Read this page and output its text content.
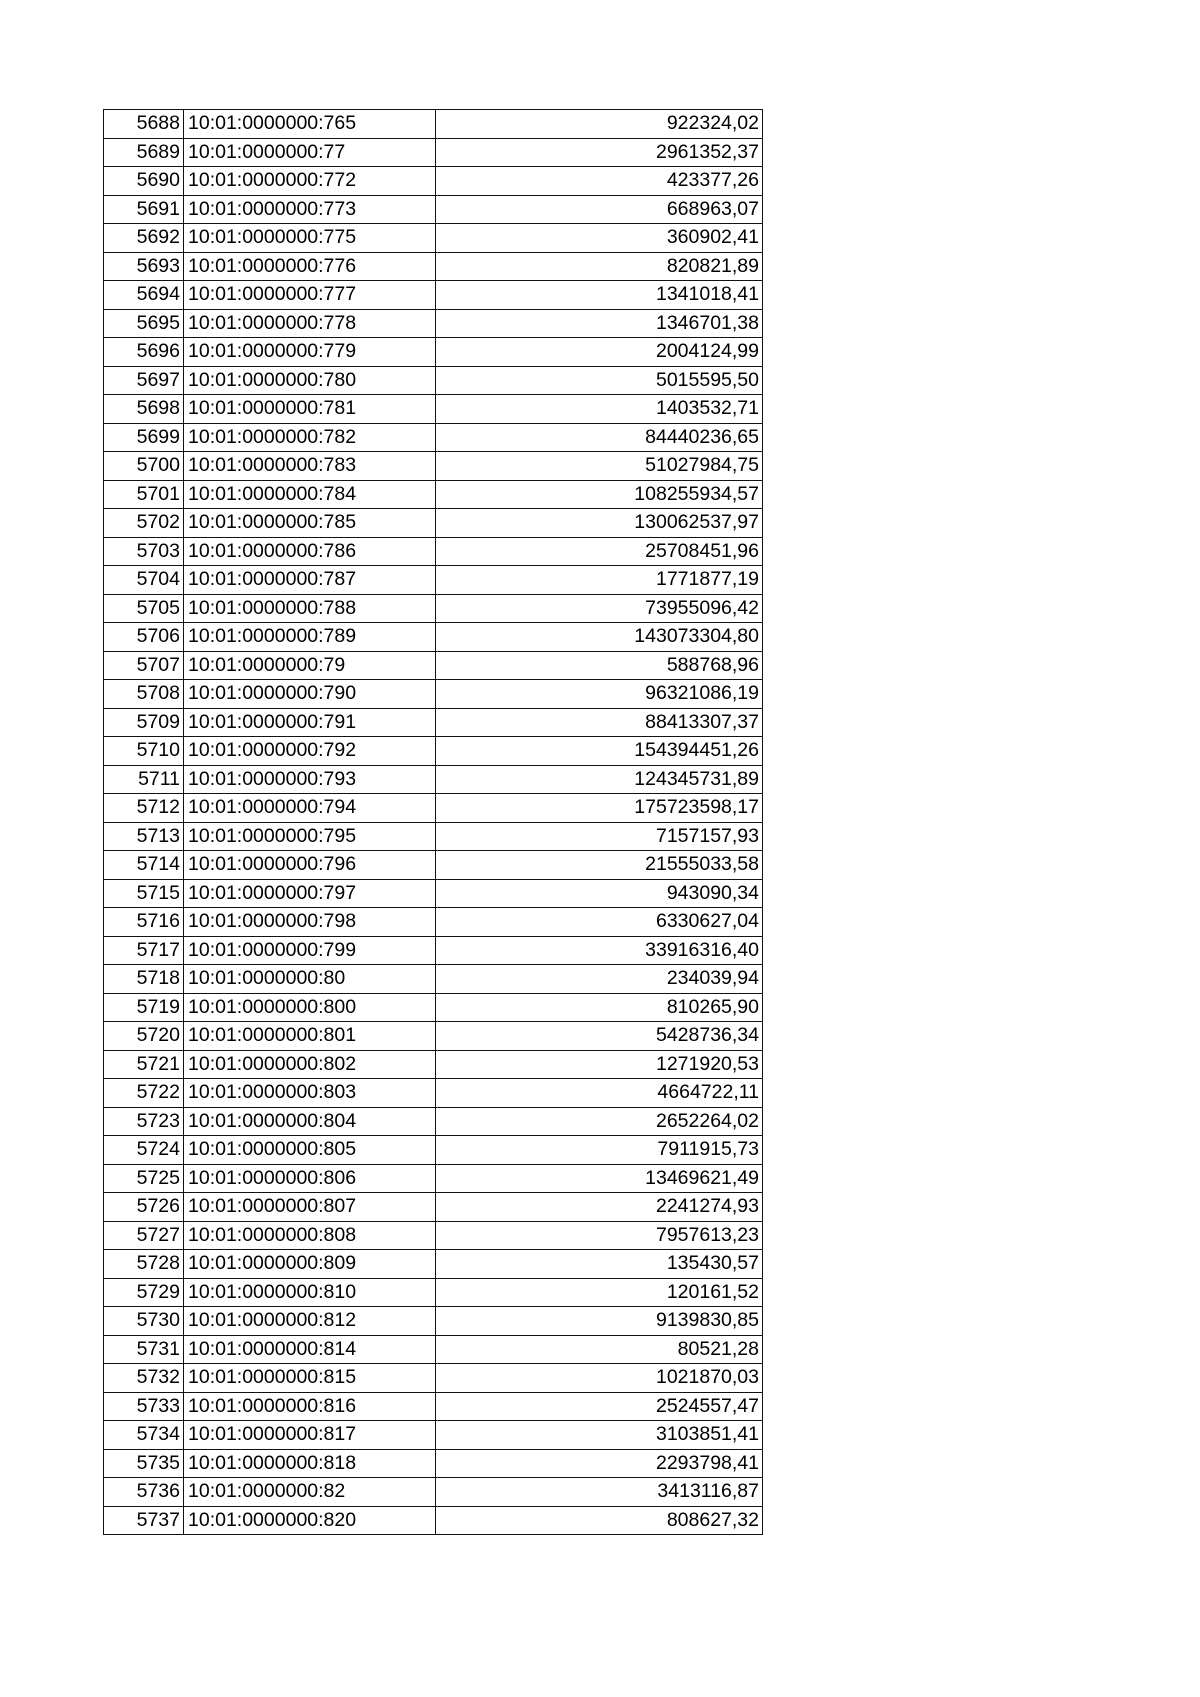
5688	10:01:0000000:765	922324,02
5689	10:01:0000000:77	2961352,37
5690	10:01:0000000:772	423377,26
5691	10:01:0000000:773	668963,07
5692	10:01:0000000:775	360902,41
5693	10:01:0000000:776	820821,89
5694	10:01:0000000:777	1341018,41
5695	10:01:0000000:778	1346701,38
5696	10:01:0000000:779	2004124,99
5697	10:01:0000000:780	5015595,50
5698	10:01:0000000:781	1403532,71
5699	10:01:0000000:782	84440236,65
5700	10:01:0000000:783	51027984,75
5701	10:01:0000000:784	108255934,57
5702	10:01:0000000:785	130062537,97
5703	10:01:0000000:786	25708451,96
5704	10:01:0000000:787	1771877,19
5705	10:01:0000000:788	73955096,42
5706	10:01:0000000:789	143073304,80
5707	10:01:0000000:79	588768,96
5708	10:01:0000000:790	96321086,19
5709	10:01:0000000:791	88413307,37
5710	10:01:0000000:792	154394451,26
5711	10:01:0000000:793	124345731,89
5712	10:01:0000000:794	175723598,17
5713	10:01:0000000:795	7157157,93
5714	10:01:0000000:796	21555033,58
5715	10:01:0000000:797	943090,34
5716	10:01:0000000:798	6330627,04
5717	10:01:0000000:799	33916316,40
5718	10:01:0000000:80	234039,94
5719	10:01:0000000:800	810265,90
5720	10:01:0000000:801	5428736,34
5721	10:01:0000000:802	1271920,53
5722	10:01:0000000:803	4664722,11
5723	10:01:0000000:804	2652264,02
5724	10:01:0000000:805	7911915,73
5725	10:01:0000000:806	13469621,49
5726	10:01:0000000:807	2241274,93
5727	10:01:0000000:808	7957613,23
5728	10:01:0000000:809	135430,57
5729	10:01:0000000:810	120161,52
5730	10:01:0000000:812	9139830,85
5731	10:01:0000000:814	80521,28
5732	10:01:0000000:815	1021870,03
5733	10:01:0000000:816	2524557,47
5734	10:01:0000000:817	3103851,41
5735	10:01:0000000:818	2293798,41
5736	10:01:0000000:82	3413116,87
5737	10:01:0000000:820	808627,32
